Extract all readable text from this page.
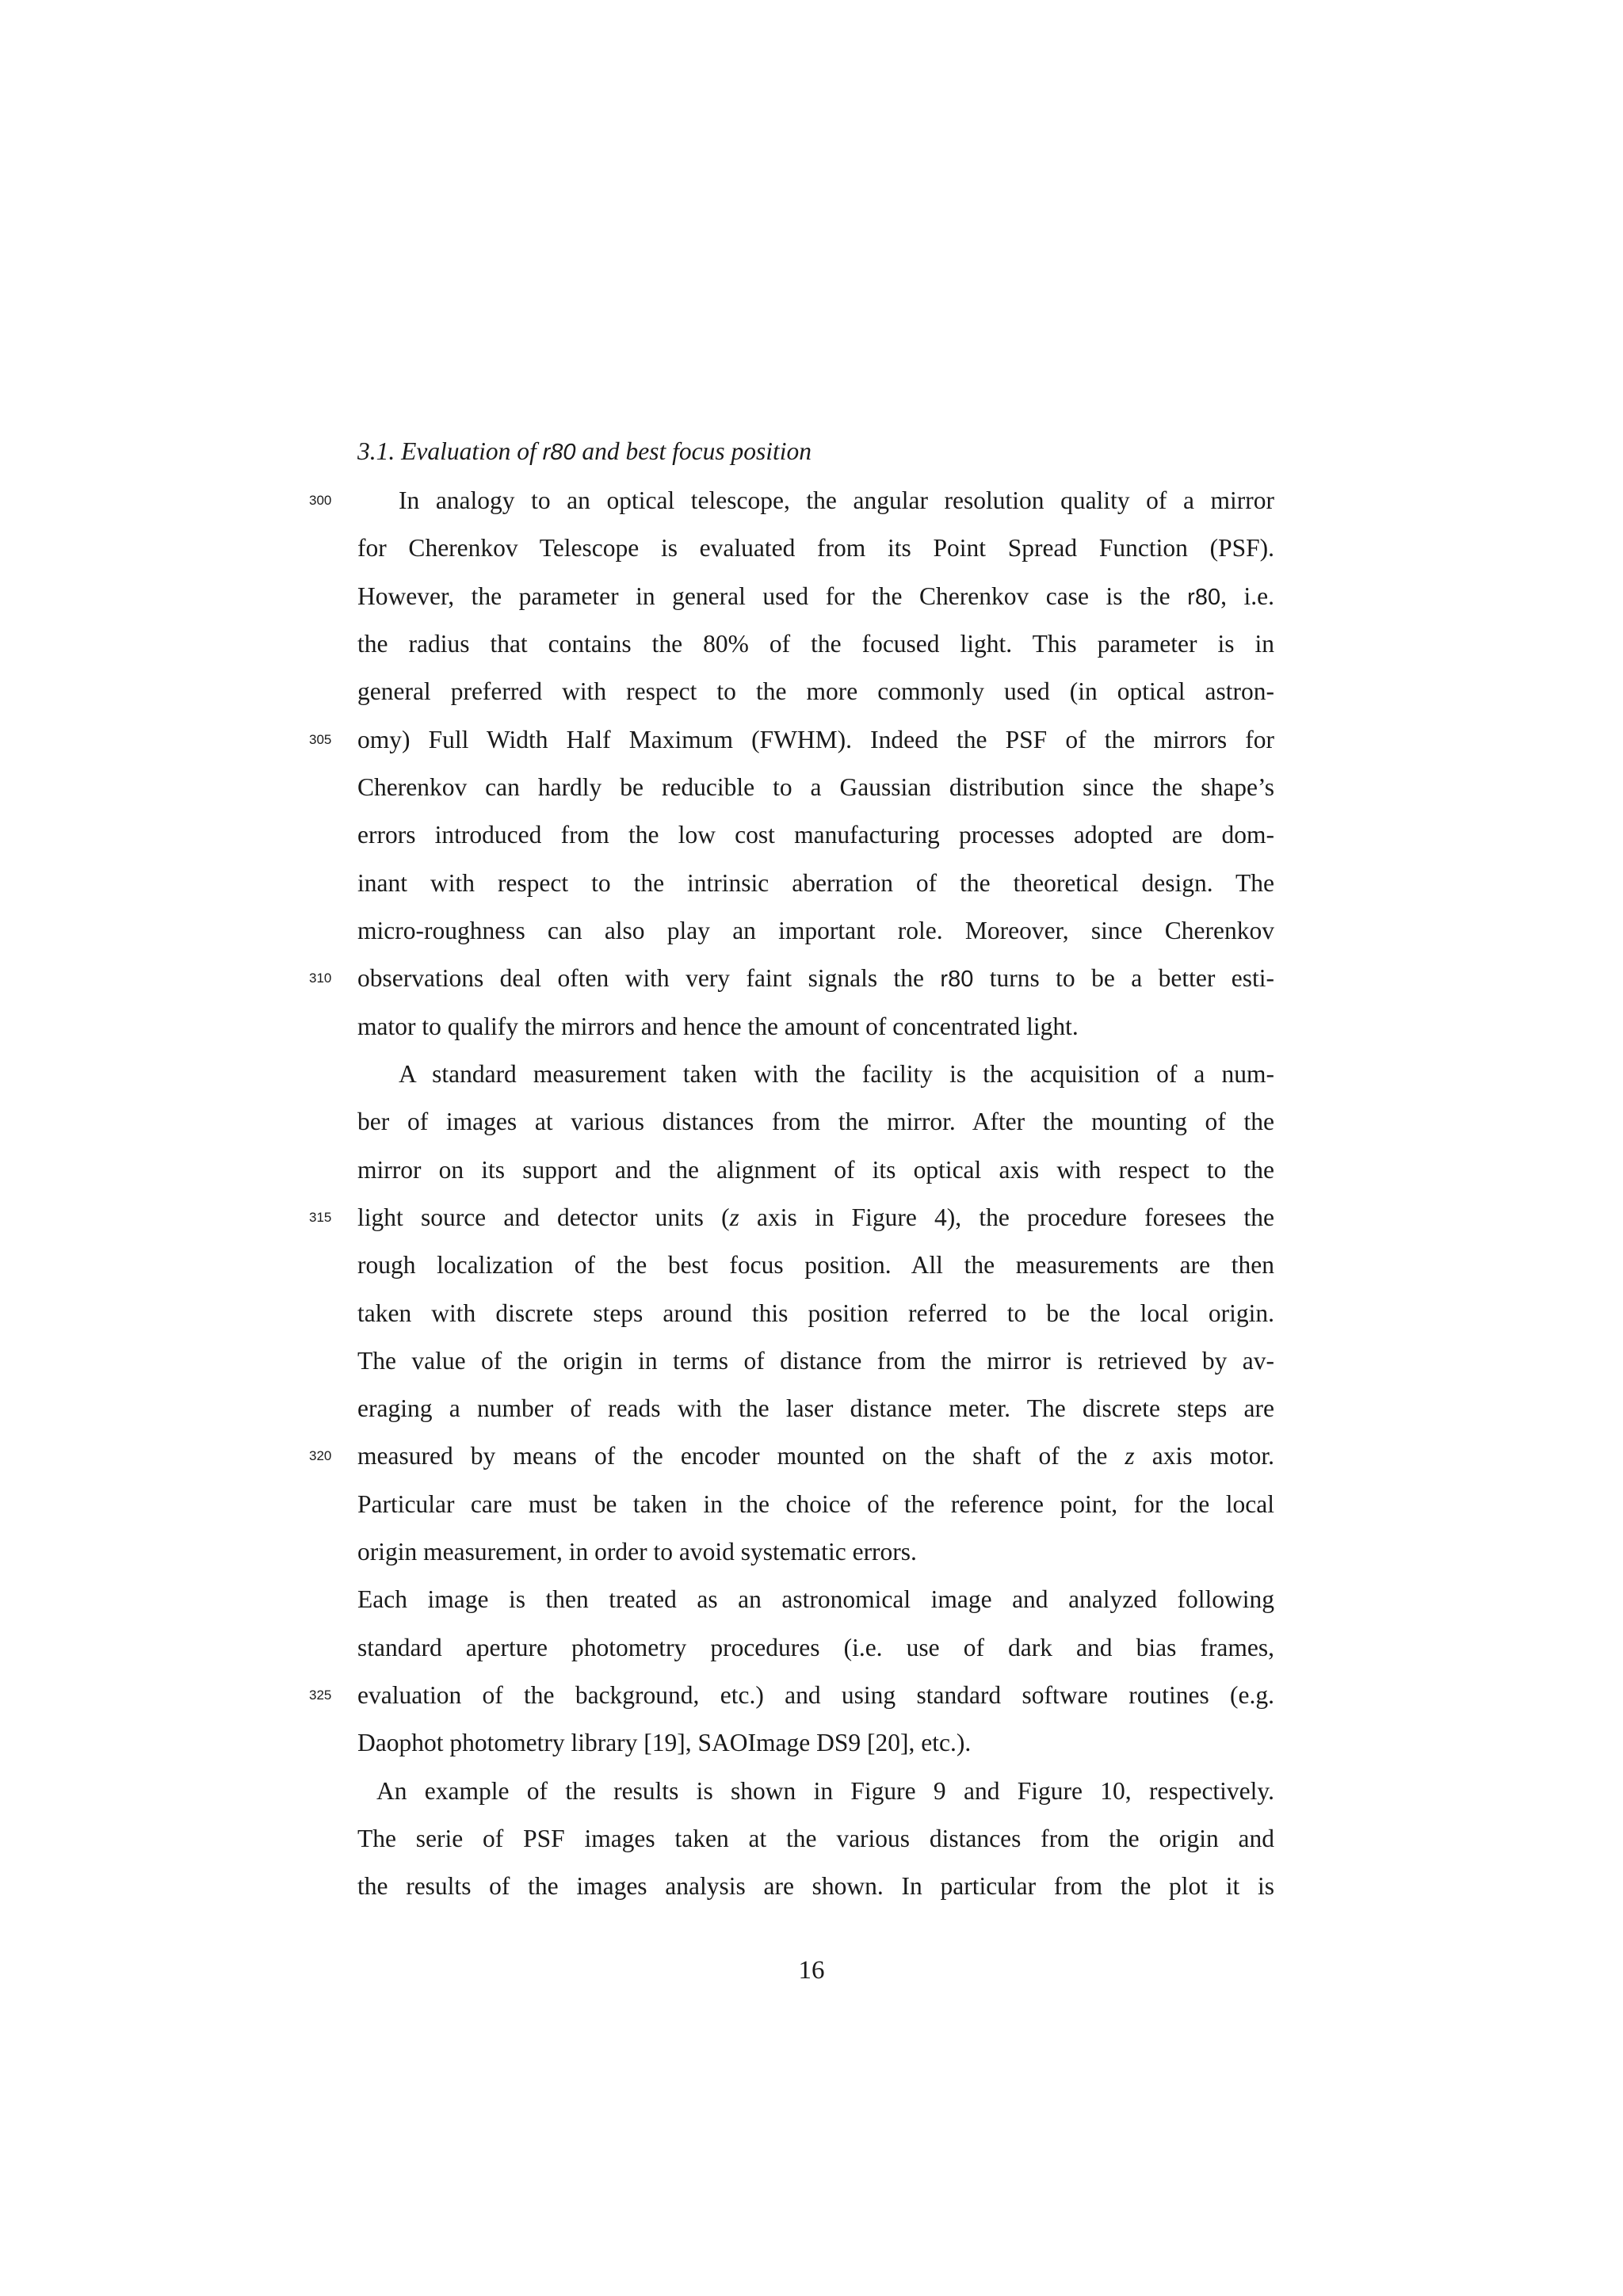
3.1. Evaluation of r80 and best focus position
300
305
310
315
320
325
In analogy to an optical telescope, the angular resolution quality of a mirror
for Cherenkov Telescope is evaluated from its Point Spread Function (PSF).
However, the parameter in general used for the Cherenkov case is the r80, i.e.
the radius that contains the 80% of the focused light. This parameter is in
general preferred with respect to the more commonly used (in optical astron-
omy) Full Width Half Maximum (FWHM). Indeed the PSF of the mirrors for
Cherenkov can hardly be reducible to a Gaussian distribution since the shape’s
errors introduced from the low cost manufacturing processes adopted are dom-
inant with respect to the intrinsic aberration of the theoretical design. The
micro-roughness can also play an important role. Moreover, since Cherenkov
observations deal often with very faint signals the r80 turns to be a better esti-
mator to qualify the mirrors and hence the amount of concentrated light.
A standard measurement taken with the facility is the acquisition of a num-
ber of images at various distances from the mirror. After the mounting of the
mirror on its support and the alignment of its optical axis with respect to the
light source and detector units (z axis in Figure 4), the procedure foresees the
rough localization of the best focus position. All the measurements are then
taken with discrete steps around this position referred to be the local origin.
The value of the origin in terms of distance from the mirror is retrieved by av-
eraging a number of reads with the laser distance meter. The discrete steps are
measured by means of the encoder mounted on the shaft of the z axis motor.
Particular care must be taken in the choice of the reference point, for the local
origin measurement, in order to avoid systematic errors.
Each image is then treated as an astronomical image and analyzed following
standard aperture photometry procedures (i.e. use of dark and bias frames,
evaluation of the background, etc.) and using standard software routines (e.g.
Daophot photometry library [19], SAOImage DS9 [20], etc.).
An example of the results is shown in Figure 9 and Figure 10, respectively.
The serie of PSF images taken at the various distances from the origin and
the results of the images analysis are shown. In particular from the plot it is
16
